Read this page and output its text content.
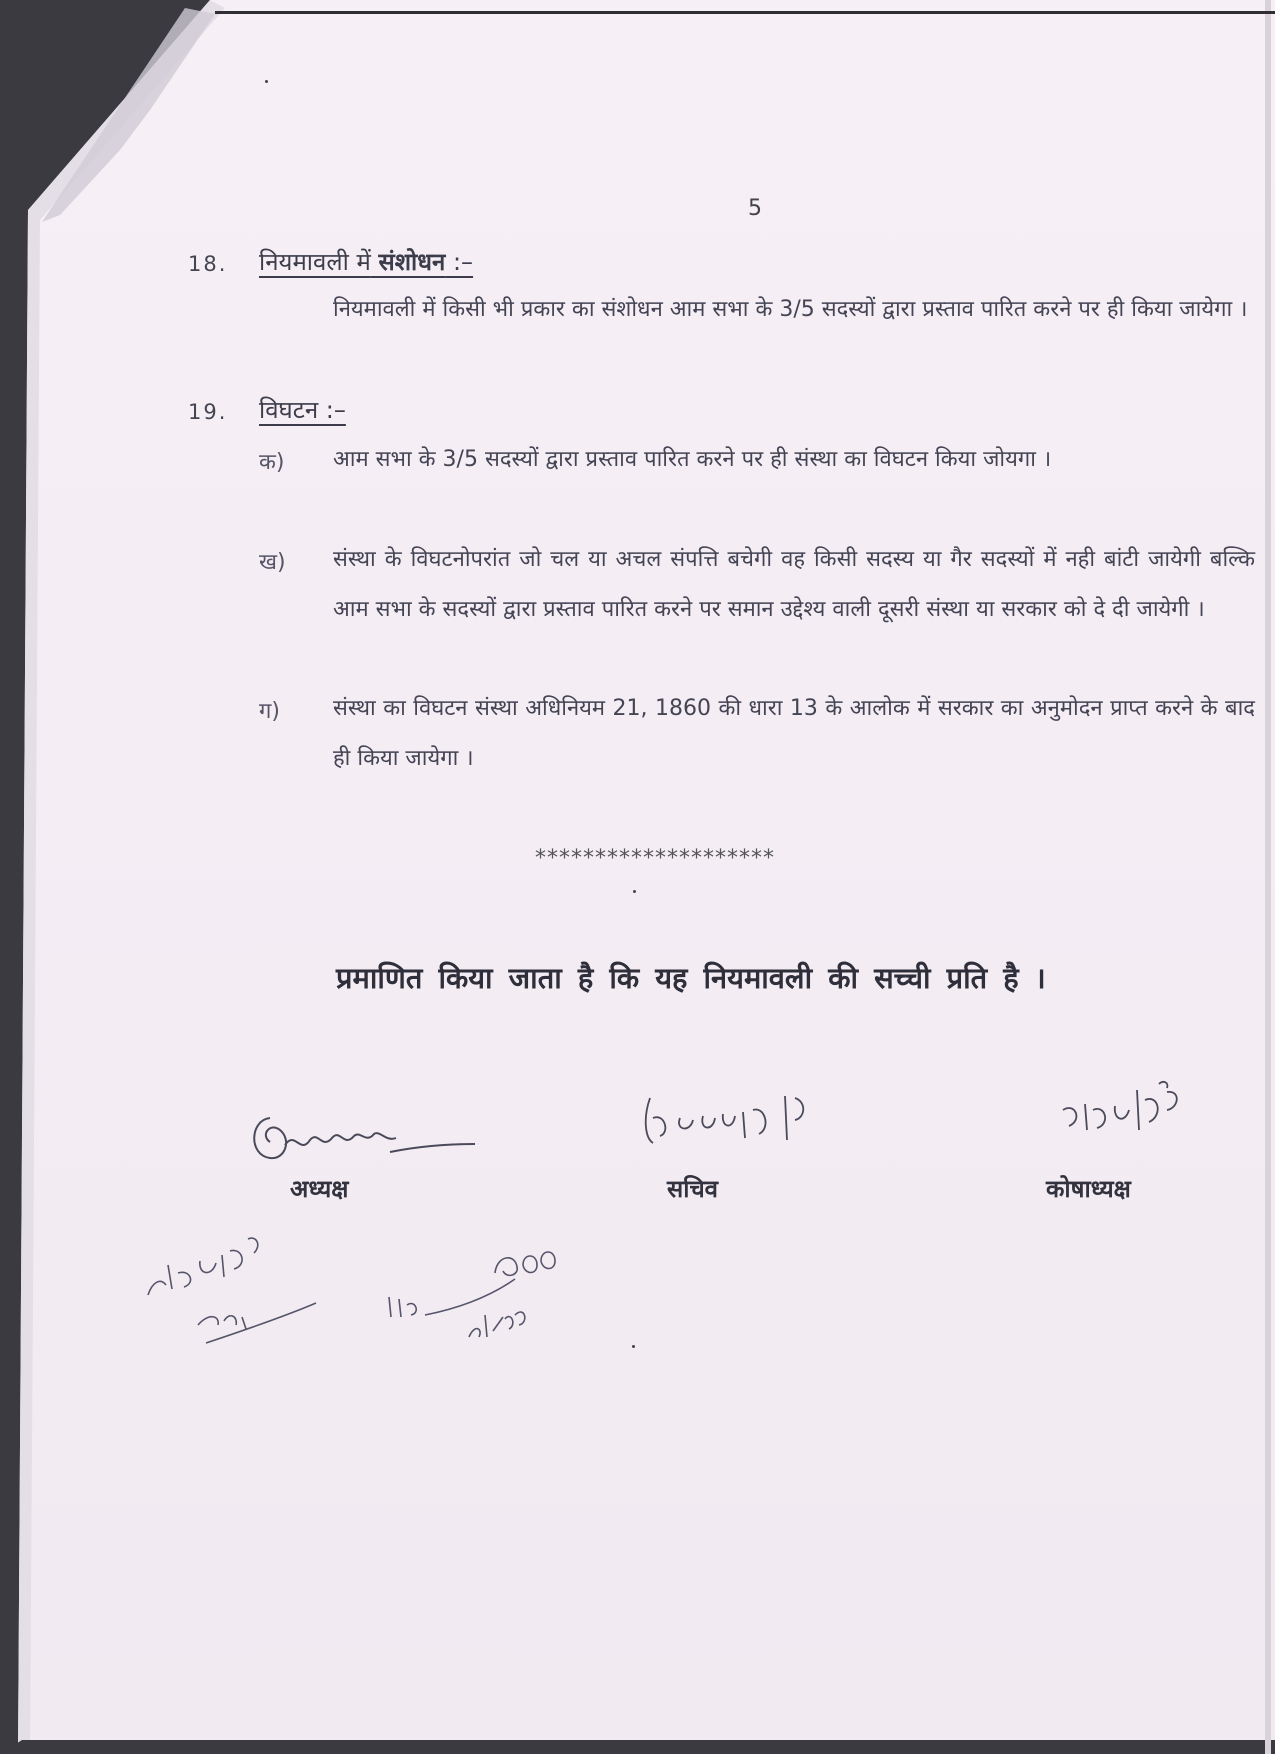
5
18. नियमावली में संशोधन :–
नियमावली में किसी भी प्रकार का संशोधन आम सभा के 3/5 सदस्यों द्वारा प्रस्ताव पारित करने पर ही किया जायेगा ।
19. विघटन :–
क) आम सभा के 3/5 सदस्यों द्वारा प्रस्ताव पारित करने पर ही संस्था का विघटन किया जोयगा ।
ख) संस्था के विघटनोपरांत जो चल या अचल संपत्ति बचेगी वह किसी सदस्य या गैर सदस्यों में नही बांटी जायेगी बल्कि आम सभा के सदस्यों द्वारा प्रस्ताव पारित करने पर समान उद्देश्य वाली दूसरी संस्था या सरकार को दे दी जायेगी ।
ग) संस्था का विघटन संस्था अधिनियम 21, 1860 की धारा 13 के आलोक में सरकार का अनुमोदन प्राप्त करने के बाद ही किया जायेगा ।
********************
प्रमाणित किया जाता है कि यह नियमावली की सच्ची प्रति है ।
अध्यक्ष	सचिव	कोषाध्यक्ष
